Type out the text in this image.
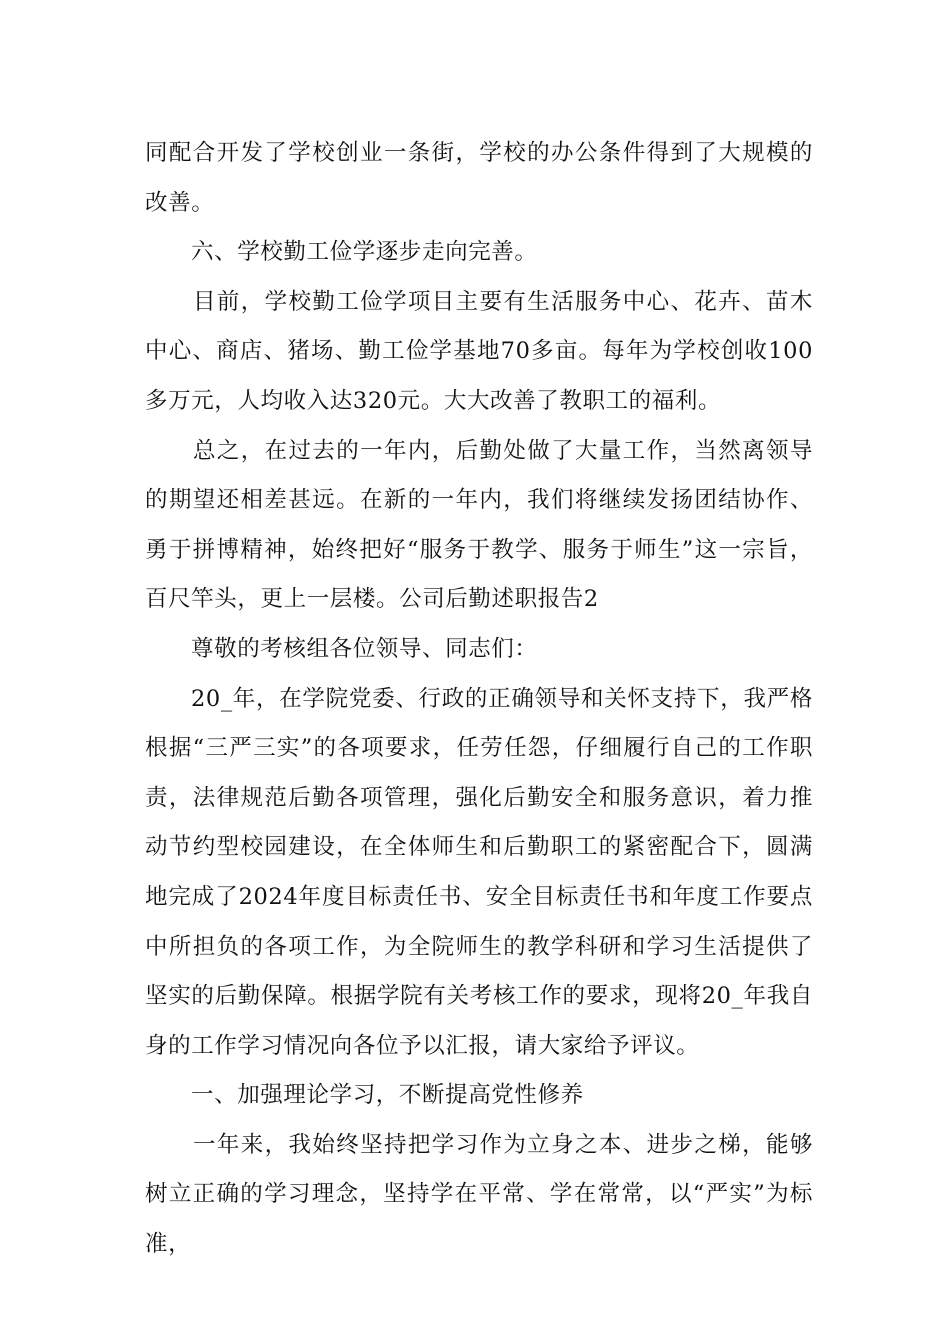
同配合开发了学校创业一条街，学校的办公条件得到了大规模的改善。

六、学校勤工俭学逐步走向完善。

目前，学校勤工俭学项目主要有生活服务中心、花卉、苗木中心、商店、猪场、勤工俭学基地70多亩。每年为学校创收100多万元，人均收入达320元。大大改善了教职工的福利。

总之，在过去的一年内，后勤处做了大量工作，当然离领导的期望还相差甚远。在新的一年内，我们将继续发扬团结协作、勇于拼博精神，始终把好“服务于教学、服务于师生”这一宗旨，百尺竿头，更上一层楼。公司后勤述职报告2

尊敬的考核组各位领导、同志们：

20_年，在学院党委、行政的正确领导和关怀支持下，我严格根据“三严三实”的各项要求，任劳任怨，仔细履行自己的工作职责，法律规范后勤各项管理，强化后勤安全和服务意识，着力推动节约型校园建设，在全体师生和后勤职工的紧密配合下，圆满地完成了2024年度目标责任书、安全目标责任书和年度工作要点中所担负的各项工作，为全院师生的教学科研和学习生活提供了坚实的后勤保障。根据学院有关考核工作的要求，现将20_年我自身的工作学习情况向各位予以汇报，请大家给予评议。

一、加强理论学习，不断提高党性修养

一年来，我始终坚持把学习作为立身之本、进步之梯，能够树立正确的学习理念，坚持学在平常、学在常常，以“严实”为标准，
